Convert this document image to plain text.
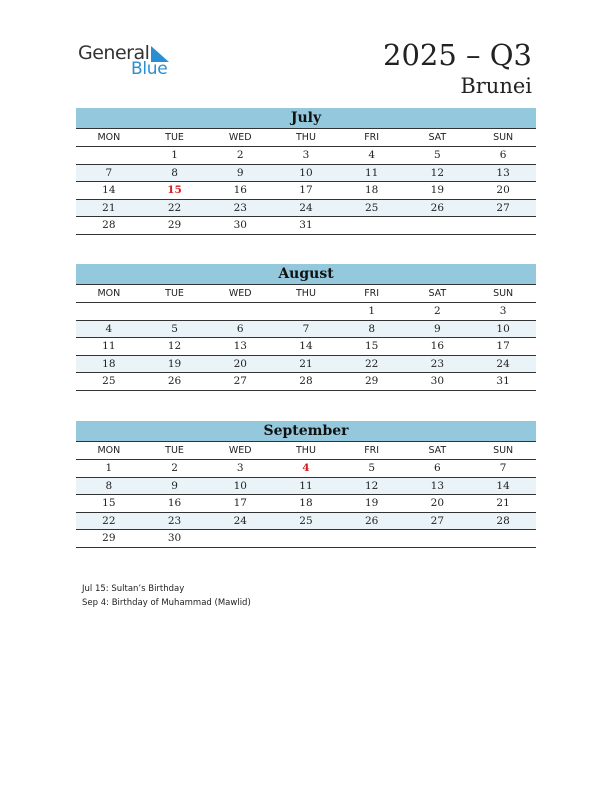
General
Blue	2025 – Q3
Brunei
July
MON	TUE	WED	THU	FRI	SAT	SUN
	1	2	3	4	5	6
7	8	9	10	11	12	13
14	15	16	17	18	19	20
21	22	23	24	25	26	27
28	29	30	31			
August
MON	TUE	WED	THU	FRI	SAT	SUN
				1	2	3
4	5	6	7	8	9	10
11	12	13	14	15	16	17
18	19	20	21	22	23	24
25	26	27	28	29	30	31
September
MON	TUE	WED	THU	FRI	SAT	SUN
1	2	3	4	5	6	7
8	9	10	11	12	13	14
15	16	17	18	19	20	21
22	23	24	25	26	27	28
29	30					
Jul 15: Sultan’s Birthday
Sep 4: Birthday of Muhammad (Mawlid)
